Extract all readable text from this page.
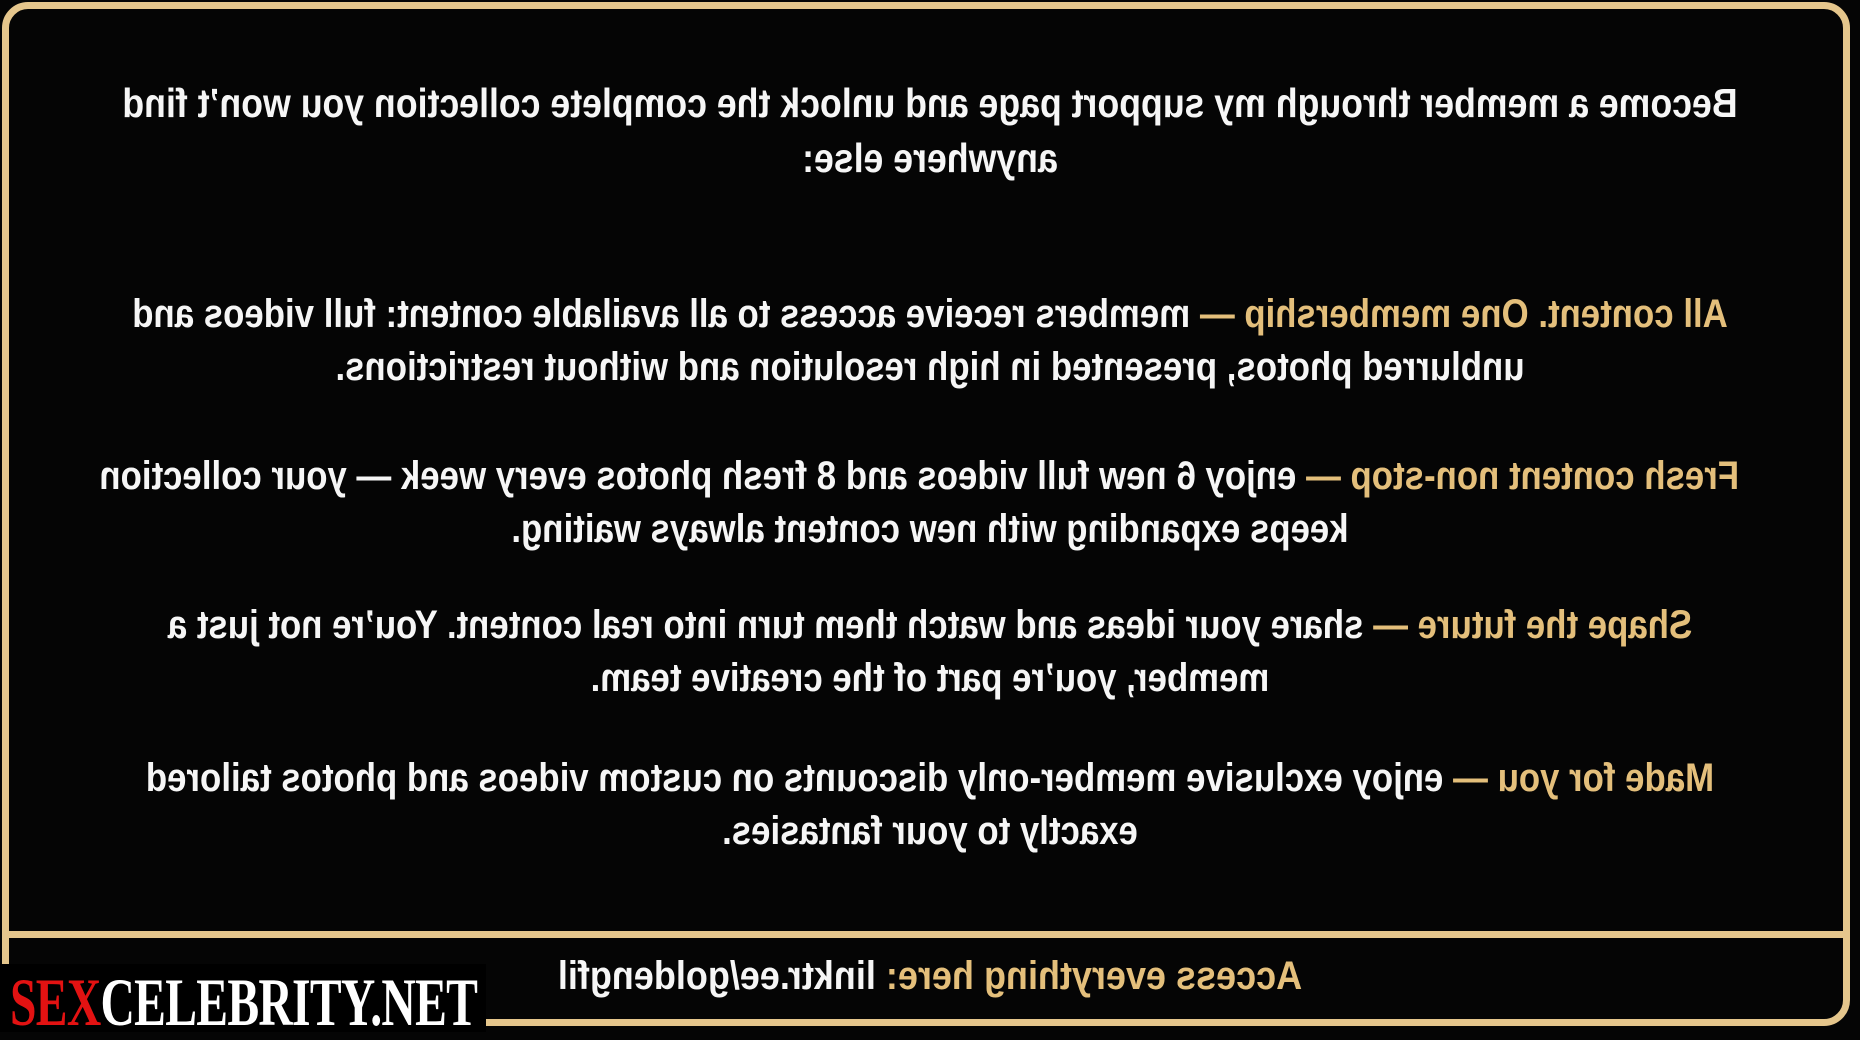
Become a member through my support page and unlock the complete collection you won’t find
anywhere else:
All content. One membership — members receive access to all available content: full videos and
unblurred photos, presented in high resolution and without restrictions.
Fresh content non-stop — enjoy 6 new full videos and 8 fresh photos every week — your collection
keeps expanding with new content always waiting.
Shape the future — share your ideas and watch them turn into real content. You’re not just a
member, you’re part of the creative team.
Made for you — enjoy exclusive member-only discounts on custom videos and photos tailored
exactly to your fantasies.
Access everything here: linktr.ee/goldengfil
SEXCELEBRITY.NET
